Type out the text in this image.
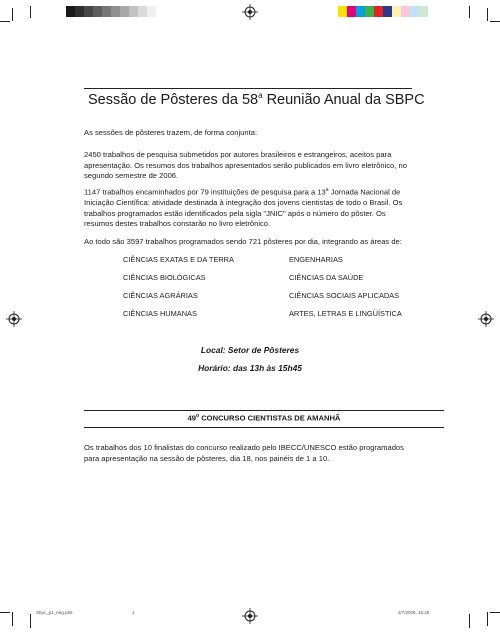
Sessão de Pôsteres da 58$^a$ Reunião Anual da SBPC
As sessões de pôsteres trazem, de forma conjunta:
2450 trabalhos de pesquisa submetidos por autores brasileiros e estrangeiros, aceitos para
apresentação. Os resumos dos trabalhos apresentados serão publicados em livro eletrônico, no
segundo semestre de 2006.
1147 trabalhos encaminhados por 79 instituições de pesquisa para a 13$^a$ Jornada Nacional de
Iniciação Científica: atividade destinada à integração dos jovens cientistas de todo o Brasil. Os
trabalhos programados estão identificados pela sigla "JNIC" após o número do pôster. Os
resumos destes trabalhos constarão no livro eletrônico.
Ao todo são 3597 trabalhos programados sendo 721 pôsteres por dia, integrando as áreas de:
CIÊNCIAS EXATAS E DA TERRA	ENGENHARIAS
CIÊNCIAS BIOLÓGICAS	CIÊNCIAS DA SAÚDE
CIÊNCIAS AGRÁRIAS	CIÊNCIAS SOCIAIS APLICADAS
CIÊNCIAS HUMANAS	ARTES, LETRAS E LINGÜÍSTICA
Local: Setor de Pôsteres
Horário: das 13h às 15h45
49$^o$ CONCURSO CIENTISTAS DE AMANHÃ
Os trabalhos dos 10 finalistas do concurso realizado pelo IBECC/UNESCO estão programados
para apresentação na sessão de pôsteres, dia 18, nos painéis de 1 a 10.
Sbpc_p1_neg.p65	1	3/7/2006, 15:28
